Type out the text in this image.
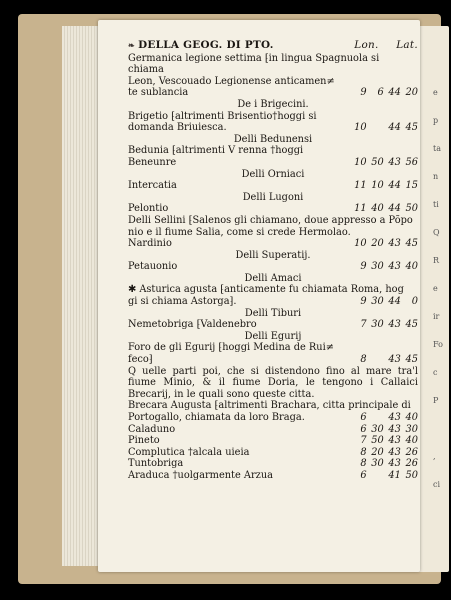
e
p
ta
n
ti
Q
R
e
ir
Fo
c
P
,
ci
❧ DELLA GEOG. DI PTO.	Lon. Lat.
Germanica legione settima ⁅in lingua Spagnuola si chiama
Leon, Vescouado Legionense anticamen≠
te sublancia	9	6 44 20
De i Brigecini.
Brigetio ⁅altrimenti Brisentio†hoggi si
domanda Briuiesca.	10	44 45
Delli Bedunensi
Bedunia ⁅altrimenti V renna †hoggi
Beneunre	10 50 43 56
Delli Orniaci
Intercatia	11 10 44 15
Delli Lugoni
Pelontio	11 40 44 50
Delli Sellini ⁅Salenos gli chiamano, doue appresso a Põpo
nio e il fiume Salia, come si crede Hermolao.
Nardinio	10 20 43 45
Delli Superatij.
Petauonio	9 30 43 40
Delli Amaci
✱ Asturica agusta ⁅anticamente fu chiamata Roma, hog
gi si chiama Astorga⁆.	9 30 44	0
Delli Tiburi
Nemetobriga ⁅Valdenebro	7 30 43 45
Delli Egurij
Foro de gli Egurij ⁅hoggi Medina de Rui≠
feco⁆	8	43 45
Q uelle parti poi, che si distendono fino al mare tra'l fiume Minio, & il fiume Doria, le tengono i Callaici Brecarij, in le quali sono queste citta.
Brecara Augusta ⁅altrimenti Brachara, citta principale di
Portogallo, chiamata da loro Braga.	6	43 40
Caladuno	6 30 43 30
Pineto	7 50 43 40
Complutica †alcala uieia	8 20 43 26
Tuntobriga	8 30 43 26
Araduca †uolgarmente Arzua	6	41 50
